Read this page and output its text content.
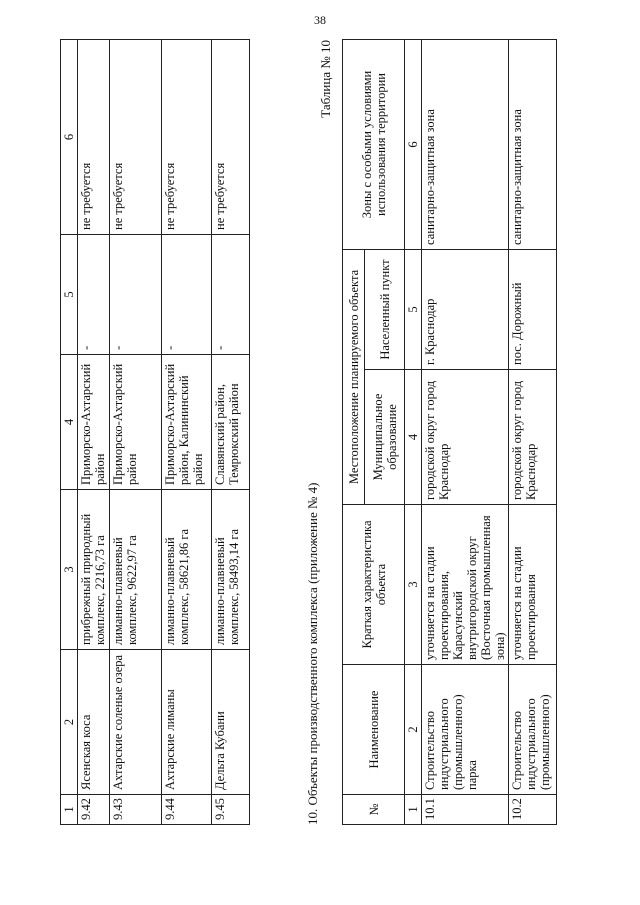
38
1	2	3	4	5	6
9.42	Ясенская коса	прибрежный природный комплекс, 2216,73 га	Приморско-Ахтарский район	-	не требуется
9.43	Ахтарские соленые озера	лиманно-плавневый комплекс, 9622,97 га	Приморско-Ахтарский район	-	не требуется
9.44	Ахтарские лиманы	лиманно-плавневый комплекс, 58621,86 га	Приморско-Ахтарский район, Калининский район	-	не требуется
9.45	Дельта Кубани	лиманно-плавневый комплекс, 58493,14 га	Славянский район, Темрюкский район	-	не требуется
10. Объекты производственного комплекса (приложение № 4)
Таблица № 10
№	Наименование	Краткая характеристика объекта	Местоположение планируемого объекта		Зоны с особыми условиями использования территории
			Муниципальное образование	Населенный пункт	
1	2	3	4	5	6
10.1	Строительство индустриального (промышленного) парка	уточняется на стадии проектирования, Карасунский внутригородской округ (Восточная промышленная зона)	городской округ город Краснодар	г. Краснодар	санитарно-защитная зона
10.2	Строительство индустриального (промышленного)	уточняется на стадии проектирования	городской округ город Краснодар	пос. Дорожный	санитарно-защитная зона
